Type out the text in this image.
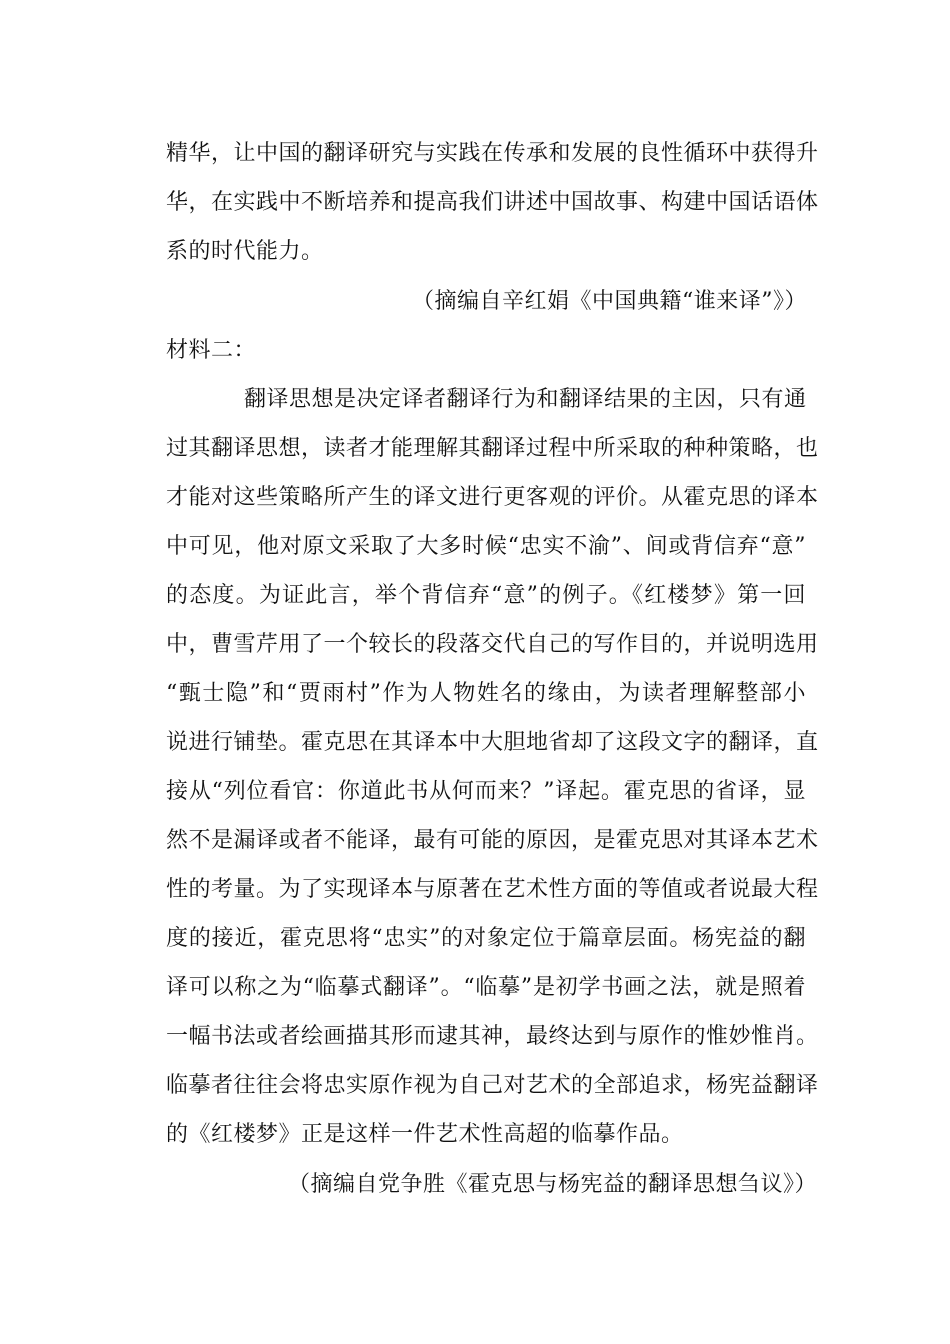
精华，让中国的翻译研究与实践在传承和发展的良性循环中获得升
华，在实践中不断培养和提高我们讲述中国故事、构建中国话语体
系的时代能力。
（摘编自辛红娟《中国典籍“谁来译”》）
材料二：
翻译思想是决定译者翻译行为和翻译结果的主因，只有通
过其翻译思想，读者才能理解其翻译过程中所采取的种种策略，也
才能对这些策略所产生的译文进行更客观的评价。从霍克思的译本
中可见，他对原文采取了大多时候“忠实不渝”、间或背信弃“意”
的态度。为证此言，举个背信弃“意”的例子。《红楼梦》第一回
中，曹雪芹用了一个较长的段落交代自己的写作目的，并说明选用
“甄士隐”和“贾雨村”作为人物姓名的缘由，为读者理解整部小
说进行铺垫。霍克思在其译本中大胆地省却了这段文字的翻译，直
接从“列位看官：你道此书从何而来？”译起。霍克思的省译，显
然不是漏译或者不能译，最有可能的原因，是霍克思对其译本艺术
性的考量。为了实现译本与原著在艺术性方面的等值或者说最大程
度的接近，霍克思将“忠实”的对象定位于篇章层面。杨宪益的翻
译可以称之为“临摹式翻译”。“临摹”是初学书画之法，就是照着
一幅书法或者绘画描其形而逮其神，最终达到与原作的惟妙惟肖。
临摹者往往会将忠实原作视为自己对艺术的全部追求，杨宪益翻译
的《红楼梦》正是这样一件艺术性高超的临摹作品。
（摘编自党争胜《霍克思与杨宪益的翻译思想刍议》）
